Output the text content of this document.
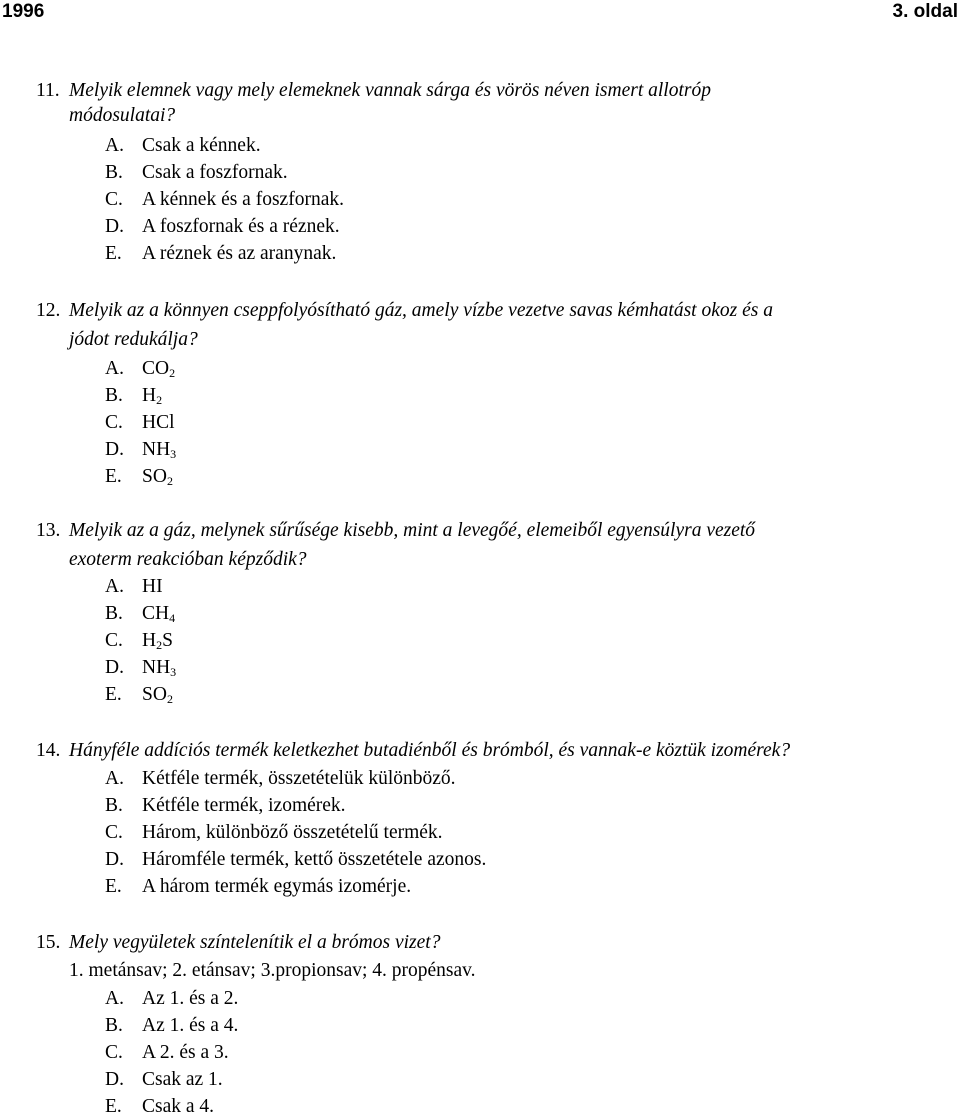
1996	3. oldal
11. Melyik elemnek vagy mely elemeknek vannak sárga és vörös néven ismert allotróp
módosulatai?
A. Csak a kénnek.
B. Csak a foszfornak.
C. A kénnek és a foszfornak.
D. A foszfornak és a réznek.
E. A réznek és az aranynak.
12. Melyik az a könnyen cseppfolyósítható gáz, amely vízbe vezetve savas kémhatást okoz és a
jódot redukálja?
A. $CO_2$
B. $H_2$
C. HCl
D. $NH_3$
E. $SO_2$
13. Melyik az a gáz, melynek sűrűsége kisebb, mint a levegőé, elemeiből egyensúlyra vezető
exoterm reakcióban képződik?
A. HI
B. $CH_4$
C. $H_2S$
D. $NH_3$
E. $SO_2$
14. Hányféle addíciós termék keletkezhet butadiénből és brómból, és vannak-e köztük izomérek?
A. Kétféle termék, összetételük különböző.
B. Kétféle termék, izomérek.
C. Három, különböző összetételű termék.
D. Háromféle termék, kettő összetétele azonos.
E. A három termék egymás izomérje.
15. Mely vegyületek színtelenítik el a brómos vizet?
1. metánsav; 2. etánsav; 3.propionsav; 4. propénsav.
A. Az 1. és a 2.
B. Az 1. és a 4.
C. A 2. és a 3.
D. Csak az 1.
E. Csak a 4.
